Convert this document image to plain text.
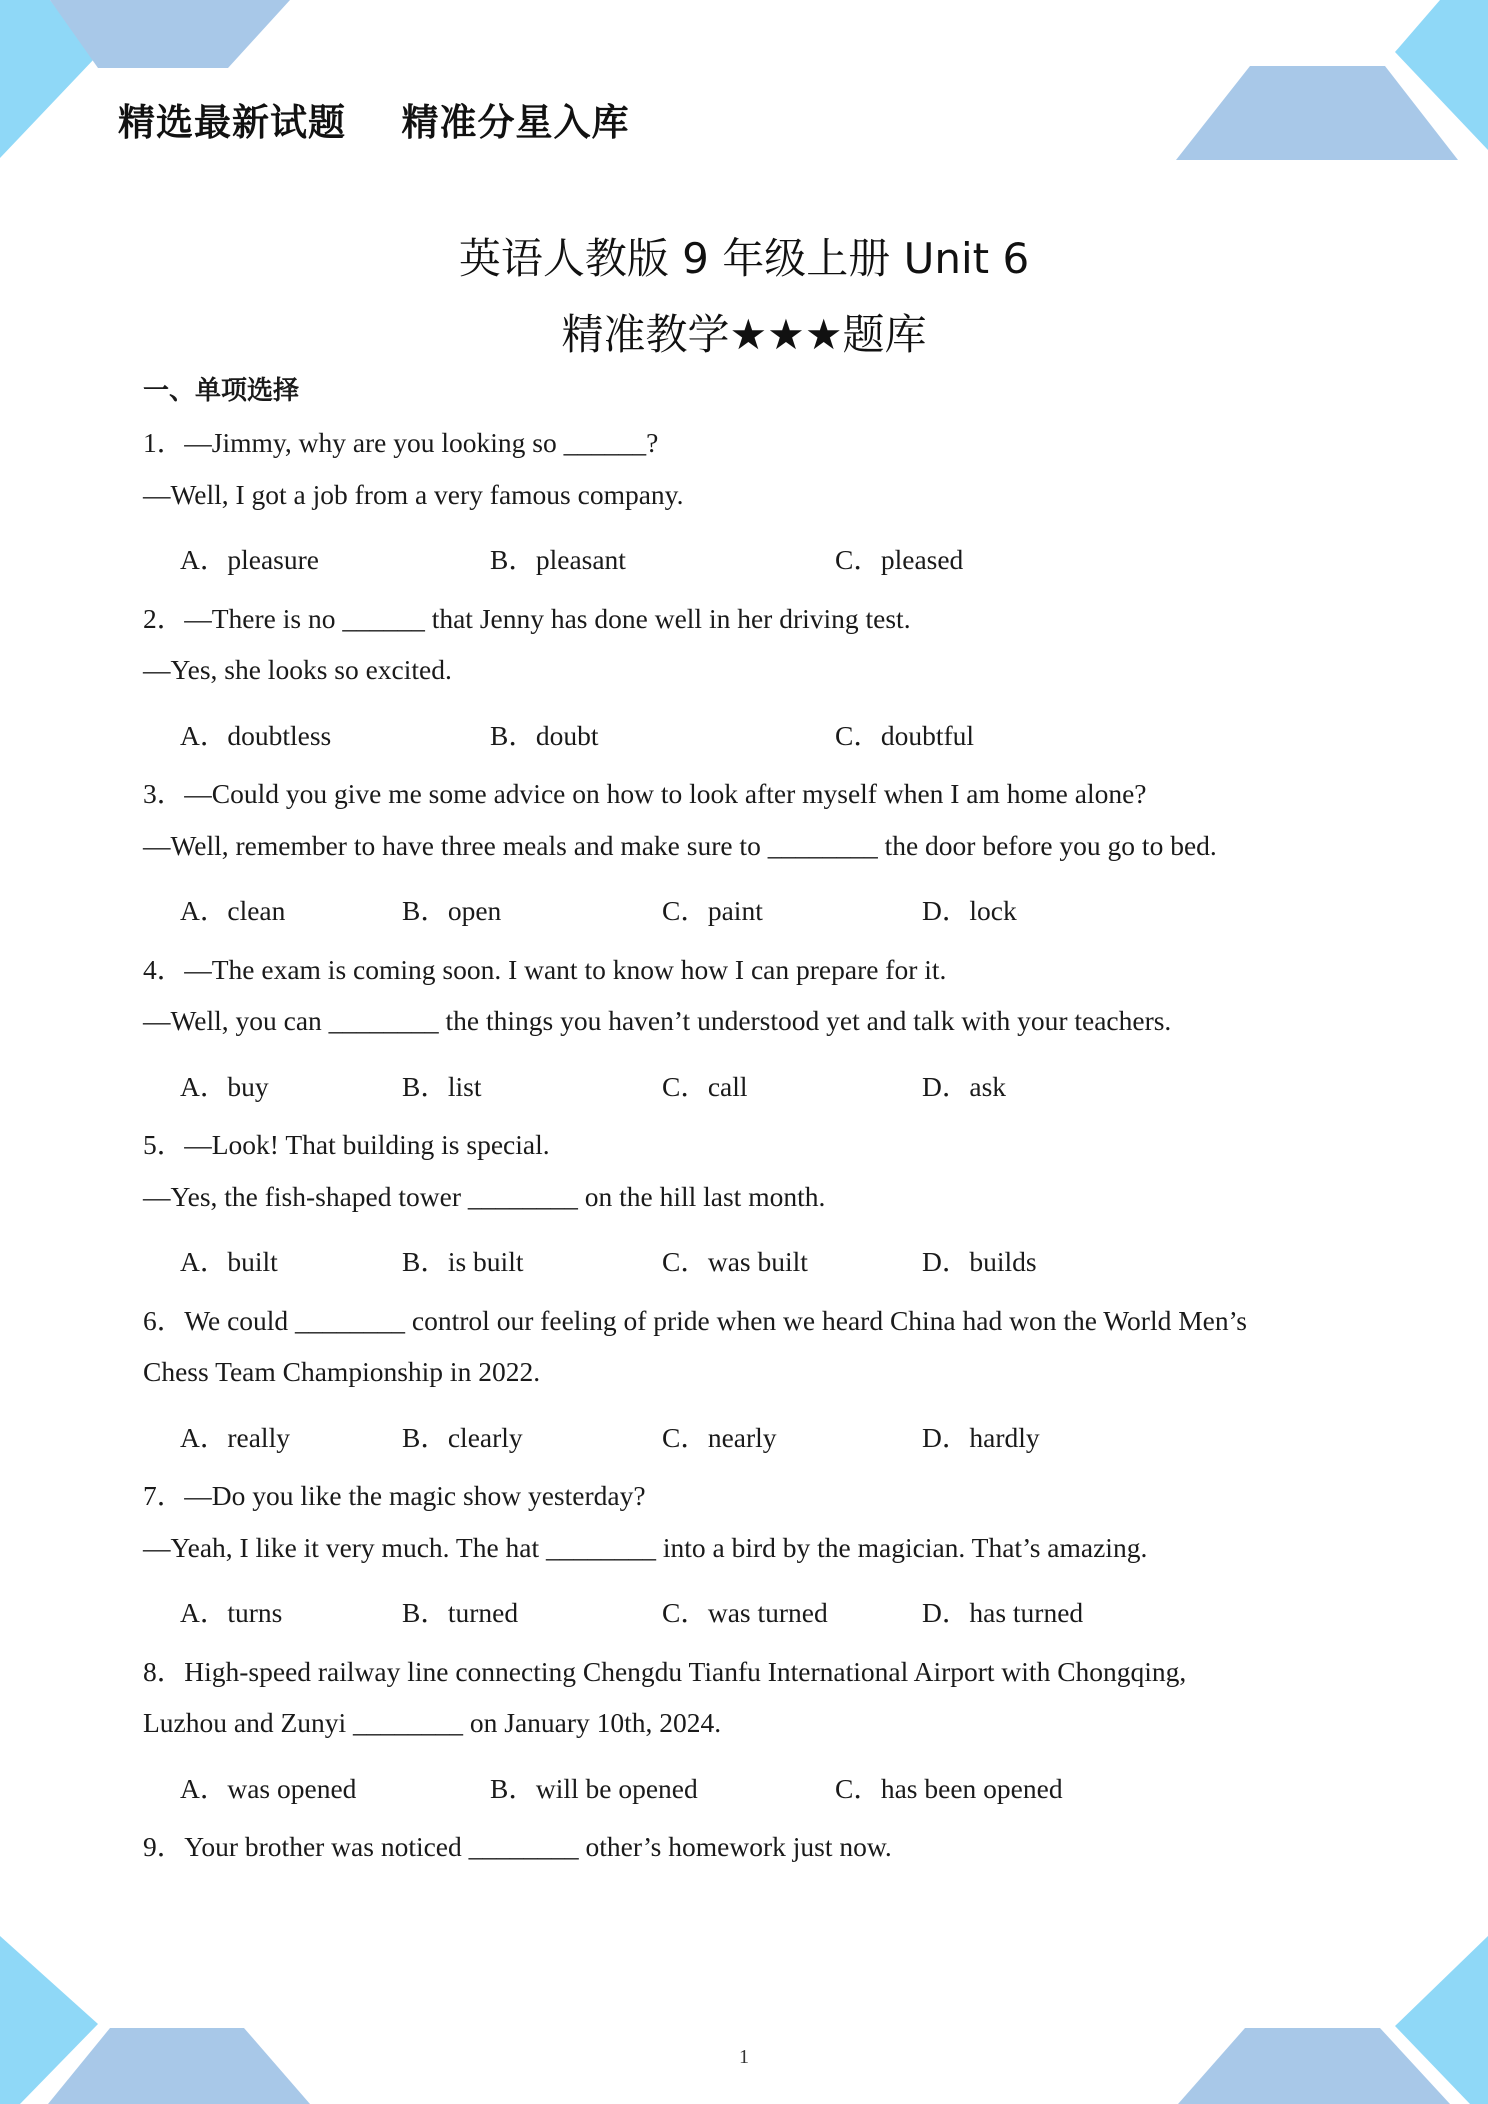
精选最新试题    精准分星入库
英语人教版 9 年级上册 Unit 6
精准教学★★★题库
一、单项选择
1．—Jimmy, why are you looking so ______?
—Well, I got a job from a very famous company.
A．pleasure	B．pleasant	C．pleased
2．—There is no ______ that Jenny has done well in her driving test.
—Yes, she looks so excited.
A．doubtless	B．doubt	C．doubtful
3．—Could you give me some advice on how to look after myself when I am home alone?
—Well, remember to have three meals and make sure to ________ the door before you go to bed.
A．clean	B．open	C．paint	D．lock
4．—The exam is coming soon. I want to know how I can prepare for it.
—Well, you can ________ the things you haven’t understood yet and talk with your teachers.
A．buy	B．list	C．call	D．ask
5．—Look! That building is special.
—Yes, the fish-shaped tower ________ on the hill last month.
A．built	B．is built	C．was built	D．builds
6．We could ________ control our feeling of pride when we heard China had won the World Men’s
Chess Team Championship in 2022.
A．really	B．clearly	C．nearly	D．hardly
7．—Do you like the magic show yesterday?
—Yeah, I like it very much. The hat ________ into a bird by the magician. That’s amazing.
A．turns	B．turned	C．was turned	D．has turned
8．High-speed railway line connecting Chengdu Tianfu International Airport with Chongqing,
Luzhou and Zunyi ________ on January 10th, 2024.
A．was opened	B．will be opened	C．has been opened
9．Your brother was noticed ________ other’s homework just now.
1
